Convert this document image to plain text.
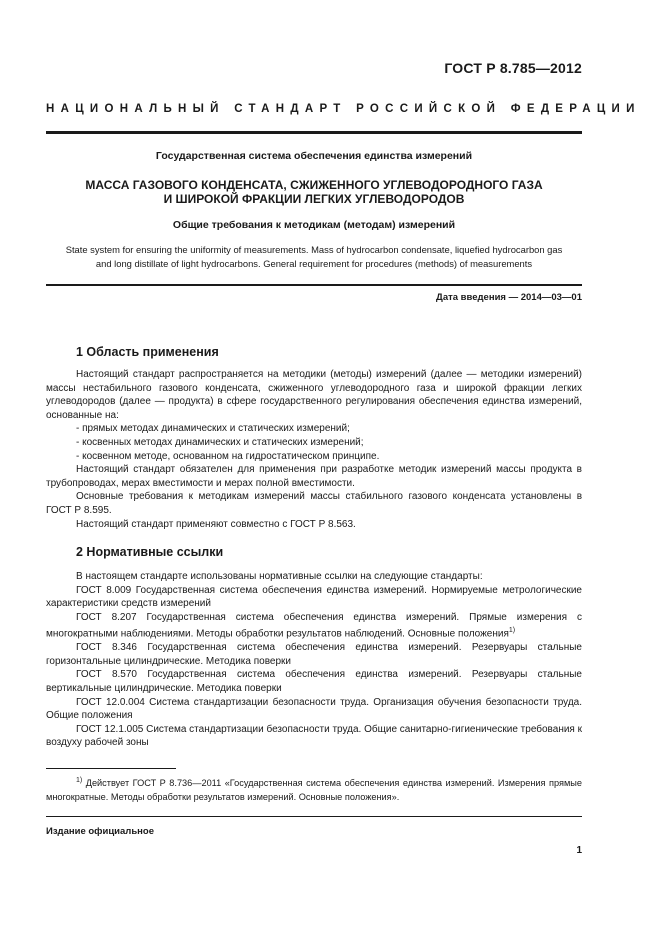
ГОСТ Р 8.785—2012
НАЦИОНАЛЬНЫЙ СТАНДАРТ РОССИЙСКОЙ ФЕДЕРАЦИИ
Государственная система обеспечения единства измерений
МАССА ГАЗОВОГО КОНДЕНСАТА, СЖИЖЕННОГО УГЛЕВОДОРОДНОГО ГАЗА
И ШИРОКОЙ ФРАКЦИИ ЛЕГКИХ УГЛЕВОДОРОДОВ
Общие требования к методикам (методам) измерений
State system for ensuring the uniformity of measurements. Mass of hydrocarbon condensate, liquefied hydrocarbon gas
and long distillate of light hydrocarbons. General requirement for procedures (methods) of measurements
Дата введения — 2014—03—01
1 Область применения

Настоящий стандарт распространяется на методики (методы) измерений (далее — методики измерений) массы нестабильного газового конденсата, сжиженного углеводородного газа и широкой фракции легких углеводородов (далее — продукта) в сфере государственного регулирования обеспечения единства измерений, основанные на:

- прямых методах динамических и статических измерений;

- косвенных методах динамических и статических измерений;

- косвенном методе, основанном на гидростатическом принципе.

Настоящий стандарт обязателен для применения при разработке методик измерений массы продукта в трубопроводах, мерах вместимости и мерах полной вместимости.

Основные требования к методикам измерений массы стабильного газового конденсата установлены в ГОСТ Р 8.595.

Настоящий стандарт применяют совместно с ГОСТ Р 8.563.

2 Нормативные ссылки

В настоящем стандарте использованы нормативные ссылки на следующие стандарты:

ГОСТ 8.009 Государственная система обеспечения единства измерений. Нормируемые метрологические характеристики средств измерений

ГОСТ 8.207 Государственная система обеспечения единства измерений. Прямые измерения с многократными наблюдениями. Методы обработки результатов наблюдений. Основные положения$^{1)}$

ГОСТ 8.346 Государственная система обеспечения единства измерений. Резервуары стальные горизонтальные цилиндрические. Методика поверки

ГОСТ 8.570 Государственная система обеспечения единства измерений. Резервуары стальные вертикальные цилиндрические. Методика поверки

ГОСТ 12.0.004 Система стандартизации безопасности труда. Организация обучения безопасности труда. Общие положения

ГОСТ 12.1.005 Система стандартизации безопасности труда. Общие санитарно-гигиенические требования к воздуху рабочей зоны

$^{1)}$ Действует ГОСТ Р 8.736—2011 «Государственная система обеспечения единства измерений. Измерения прямые многократные. Методы обработки результатов измерений. Основные положения».

Издание официальное
1
